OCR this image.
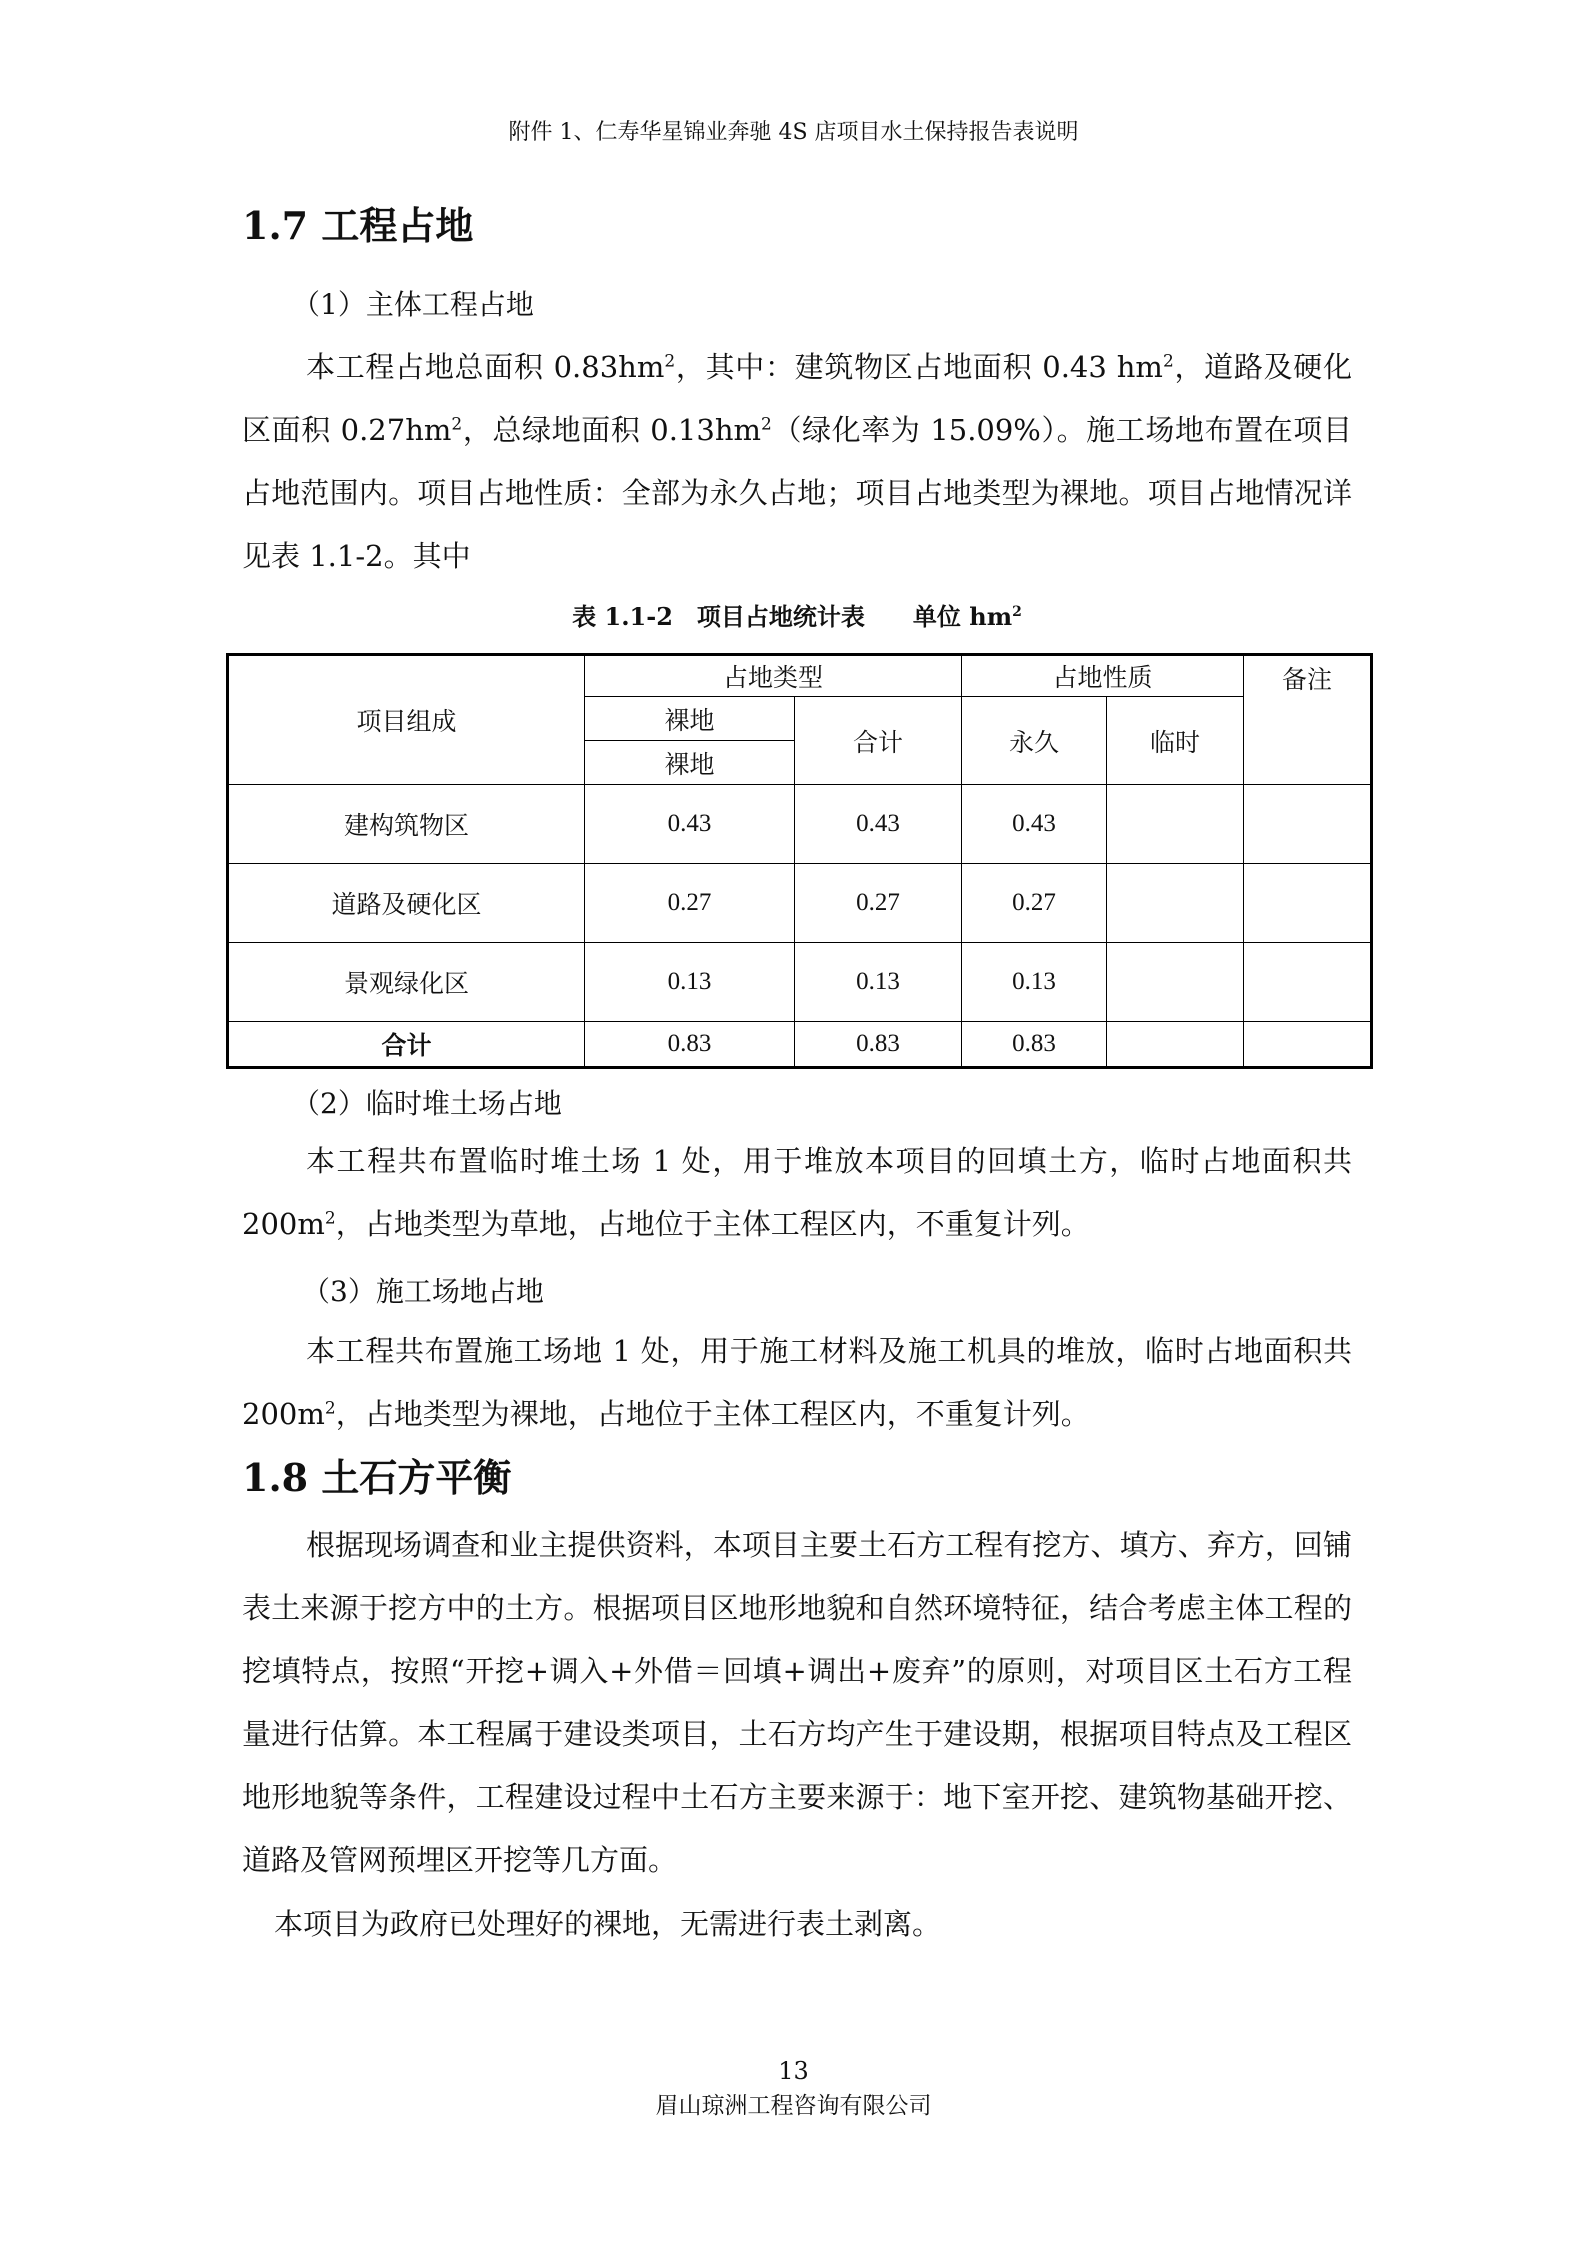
附件 1、仁寿华星锦业奔驰 4S 店项目水土保持报告表说明
1.7 工程占地
（1）主体工程占地

本工程占地总面积 $0.83hm^2$，其中：建筑物区占地面积 0.43 $hm^2$，道路及硬化区面积 $0.27hm^2$，总绿地面积 $0.13hm^2$（绿化率为 15.09%）。施工场地布置在项目占地范围内。项目占地性质：全部为永久占地；项目占地类型为裸地。项目占地情况详见表 1.1-2。其中

表 1.1-2　项目占地统计表　　单位 $hm^2$
项目组成	占地类型		占地性质		备注
	裸地	合计	永久	临时	
	裸地				
建构筑物区	0.43	0.43	0.43		
道路及硬化区	0.27	0.27	0.27		
景观绿化区	0.13	0.13	0.13		
合计	0.83	0.83	0.83		
（2）临时堆土场占地

本工程共布置临时堆土场 1 处，用于堆放本项目的回填土方，临时占地面积共 $200m^2$，占地类型为草地，占地位于主体工程区内，不重复计列。

（3）施工场地占地

本工程共布置施工场地 1 处，用于施工材料及施工机具的堆放，临时占地面积共 $200m^2$，占地类型为裸地，占地位于主体工程区内，不重复计列。

1.8 土石方平衡

根据现场调查和业主提供资料，本项目主要土石方工程有挖方、填方、弃方，回铺表土来源于挖方中的土方。根据项目区地形地貌和自然环境特征，结合考虑主体工程的挖填特点，按照“开挖+调入+外借＝回填+调出+废弃”的原则，对项目区土石方工程量进行估算。本工程属于建设类项目，土石方均产生于建设期，根据项目特点及工程区地形地貌等条件，工程建设过程中土石方主要来源于：地下室开挖、建筑物基础开挖、道路及管网预埋区开挖等几方面。

本项目为政府已处理好的裸地，无需进行表土剥离。

13
眉山琼洲工程咨询有限公司
